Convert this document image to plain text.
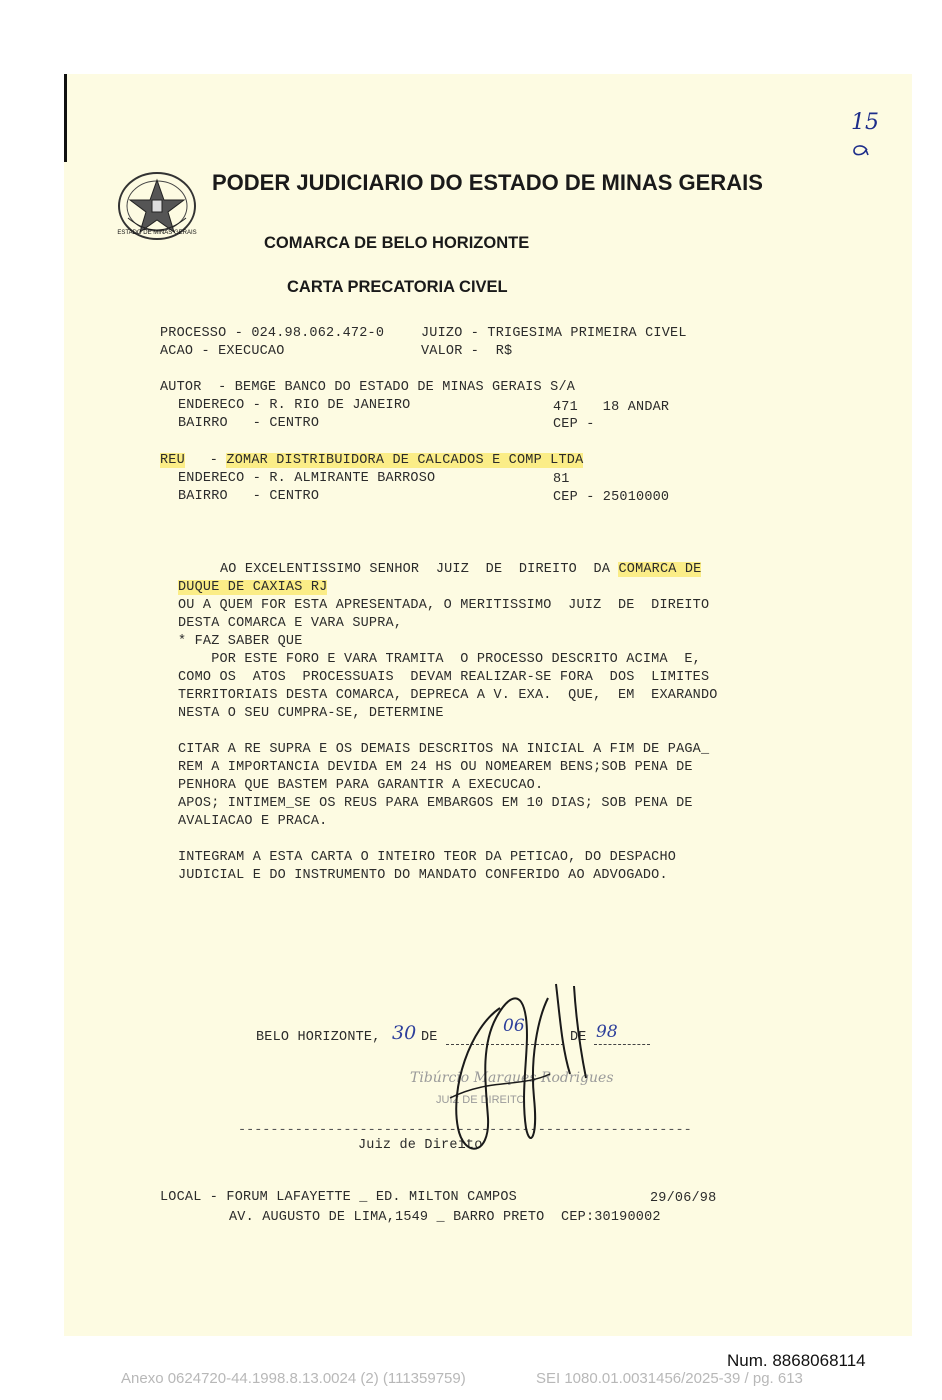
15
ESTADO DE MINAS GERAIS
PODER JUDICIARIO DO ESTADO DE MINAS GERAIS
COMARCA DE BELO HORIZONTE
CARTA PRECATORIA CIVEL
PROCESSO - 024.98.062.472-0	JUIZO - TRIGESIMA PRIMEIRA CIVEL
ACAO - EXECUCAO	VALOR -  R$
AUTOR  - BEMGE BANCO DO ESTADO DE MINAS GERAIS S/A
ENDERECO - R. RIO DE JANEIRO	471   18 ANDAR
BAIRRO   - CENTRO	CEP -
REU   - ZOMAR DISTRIBUIDORA DE CALCADOS E COMP LTDA
ENDERECO - R. ALMIRANTE BARROSO	81
BAIRRO   - CENTRO	CEP - 25010000
AO EXCELENTISSIMO SENHOR  JUIZ  DE  DIREITO  DA COMARCA DE
DUQUE DE CAXIAS RJ
OU A QUEM FOR ESTA APRESENTADA, O MERITISSIMO  JUIZ  DE  DIREITO
DESTA COMARCA E VARA SUPRA,
* FAZ SABER QUE
POR ESTE FORO E VARA TRAMITA  O PROCESSO DESCRITO ACIMA  E,
COMO OS  ATOS  PROCESSUAIS  DEVAM REALIZAR-SE FORA  DOS  LIMITES
TERRITORIAIS DESTA COMARCA, DEPRECA A V. EXA.  QUE,  EM  EXARANDO
NESTA O SEU CUMPRA-SE, DETERMINE
CITAR A RE SUPRA E OS DEMAIS DESCRITOS NA INICIAL A FIM DE PAGA_
REM A IMPORTANCIA DEVIDA EM 24 HS OU NOMEAREM BENS;SOB PENA DE
PENHORA QUE BASTEM PARA GARANTIR A EXECUCAO.
APOS; INTIMEM_SE OS REUS PARA EMBARGOS EM 10 DIAS; SOB PENA DE
AVALIACAO E PRACA.
INTEGRAM A ESTA CARTA O INTEIRO TEOR DA PETICAO, DO DESPACHO
JUDICIAL E DO INSTRUMENTO DO MANDATO CONFERIDO AO ADVOGADO.
BELO HORIZONTE, 30 DE
06
DE 98
Tibúrcio Marques Rodrigues
JUIZ DE DIREITO
--------------------------------------------------------
Juiz de Direito
LOCAL - FORUM LAFAYETTE _ ED. MILTON CAMPOS	29/06/98
AV. AUGUSTO DE LIMA,1549 _ BARRO PRETO  CEP:30190002
Num. 8868068114
Anexo 0624720-44.1998.8.13.0024 (2) (111359759)	SEI 1080.01.0031456/2025-39 / pg. 613
